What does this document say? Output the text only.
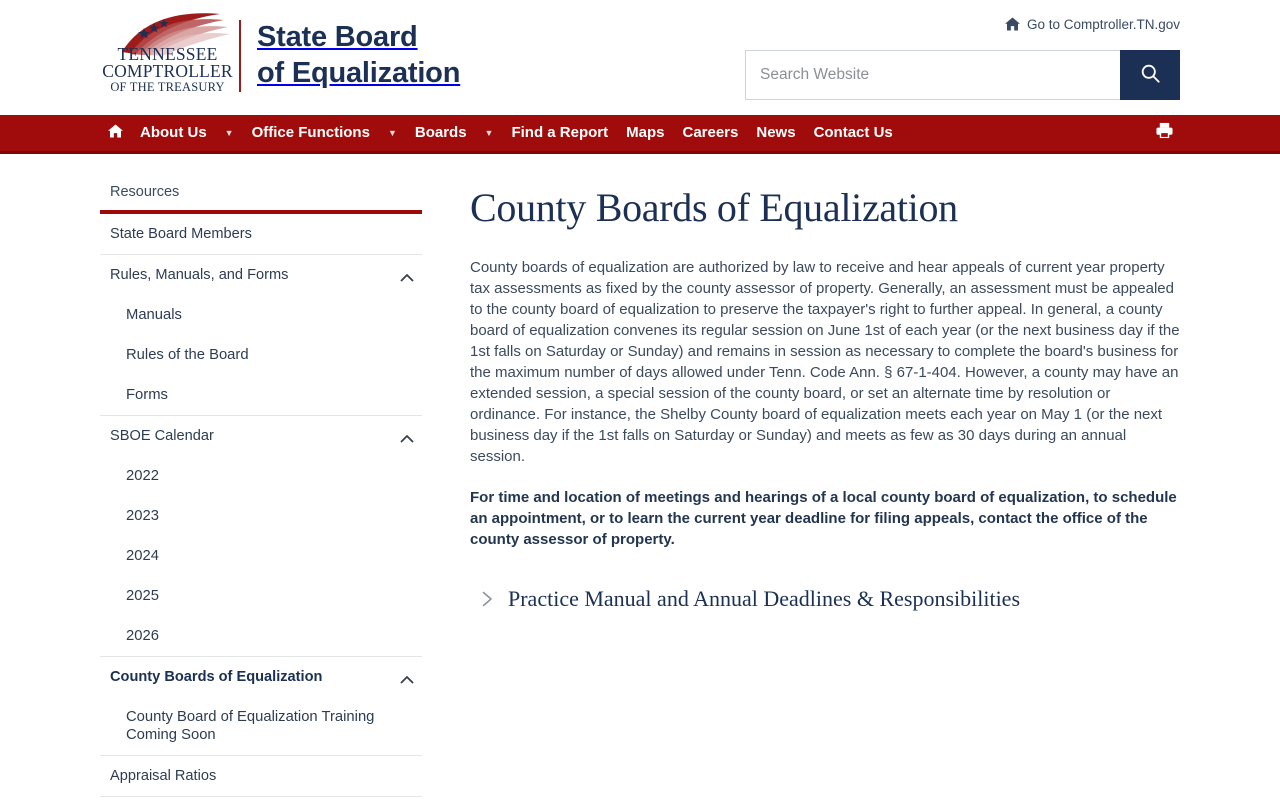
TENNESSEE
COMPTROLLER
OF THE TREASURY
State Board
of Equalization
Go to Comptroller.TN.gov
Search Website
About Us	▼	Office Functions	▼	Boards	▼	Find a Report	Maps	Careers	News	Contact Us
Resources
State Board Members
Rules, Manuals, and Forms
Manuals
Rules of the Board
Forms
SBOE Calendar
2022
2023
2024
2025
2026
County Boards of Equalization
County Board of Equalization Training Coming Soon
Appraisal Ratios
County Boards of Equalization

County boards of equalization are authorized by law to receive and hear appeals of current year property tax assessments as fixed by the county assessor of property. Generally, an assessment must be appealed to the county board of equalization to preserve the taxpayer's right to further appeal. In general, a county board of equalization convenes its regular session on June 1st of each year (or the next business day if the 1st falls on Saturday or Sunday) and remains in session as necessary to complete the board's business for the maximum number of days allowed under Tenn. Code Ann. § 67-1-404. However, a county may have an extended session, a special session of the county board, or set an alternate time by resolution or ordinance. For instance, the Shelby County board of equalization meets each year on May 1 (or the next business day if the 1st falls on Saturday or Sunday) and meets as few as 30 days during an annual session.

For time and location of meetings and hearings of a local county board of equalization, to schedule an appointment, or to learn the current year deadline for filing appeals, contact the office of the county assessor of property.

Practice Manual and Annual Deadlines & Responsibilities
